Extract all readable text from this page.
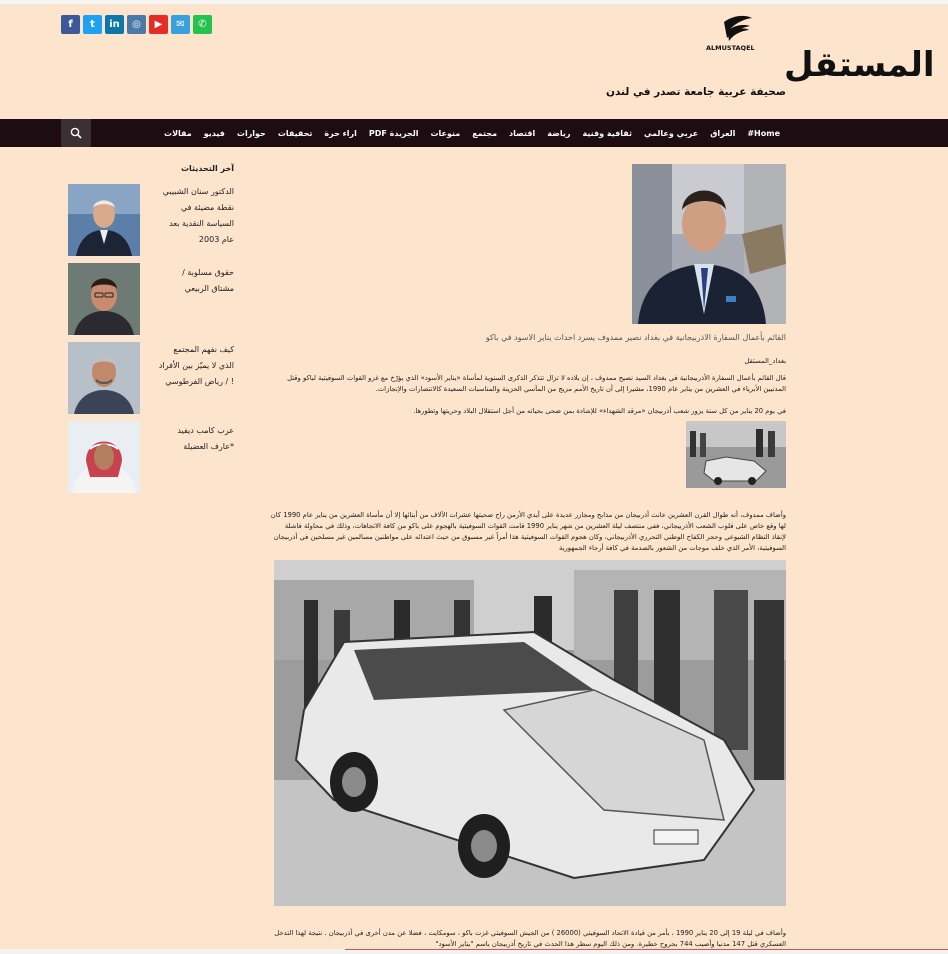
f	t	in	◎	▶	✉	✆
ALMUSTAQEL المستقل
صحيفة عربية جامعة تصدر في لندن
Home#
العراق
عربي وعالمي
ثقافية وفنية
رياضة
اقتصاد
مجتمع
منوعات
الجريدة PDF
اراء حرة
تحقيقات
حوارات
فيديو
مقالات
آخر التحديثات
الدكتور سنان الشبيبي نقطة مضيئة في السياسة النقدية بعد عام 2003
حقوق مسلوبة / مشتاق الربيعي
كيف نفهم المجتمع الذي لا يميّز بين الأفراد ! / رياض الفرطوسي
عرب كامب ديفيد *عارف العضيلة
القائم بأعمال السفارة الاذربيجانية في بغداد نصير ممدوف يسرد احداث يناير الاسود في باكو
بغداد_المستقل
قال القائم بأعمال السفارة الأذربيجانية في بغداد السيد نصيح ممدوف ، إن بلاده لا تزال تتذكر الذكرى السنوية لمأساة «يناير الأسود» الذي يؤرّخ مع غزو القوات السوفيتية لباكو وقتل المدنيين الأبرياء في العشرين من يناير عام 1990، مشيرا إلى أن تاريخ الأمم مزيج من المآسي الحزينة والمناسبات السعيدة كالانتصارات والإنجازات.
في يوم 20 يناير من كل سنة يزور شعب أذربيجان «مرقد الشهداء» للإشادة بمن ضحى بحياته من أجل استقلال البلاد وحريتها وتطورها.
وأضاف ممدوف، أنه طوال القرن العشرين عانت أذربيجان من مذابح ومجازر عديدة على أيدي الأرمن راح ضحيتها عشرات الآلاف من أبنائها إلا أن مأساة العشرين من يناير عام 1990 كان لها وقع خاص على قلوب الشعب الأذربيجاني، ففي منتصف ليلة العشرين من شهر يناير 1990 قامت القوات السوفيتية بالهجوم على باكو من كافة الاتجاهات، وذلك في محاولة فاشلة لإنقاذ النظام الشيوعي وحجر الكفاح الوطني التحرري الأذربيجاني، وكان هجوم القوات السوفيتية هذا أمراً غير مسبوق من حيث اعتدائه على مواطنين مسالمين غير مسلحين في أذربيجان السوفيتية، الأمر الذي خلف موجات من الشعور بالصدمة في كافة أرجاء الجمهورية
وأضاف في ليلة 19 إلى 20 يناير 1990 ، بأمر من قيادة الاتحاد السوفيتي (26000 ) من الجيش السوفيتي غزت باكو ، سومكايت ، فضلا عن مدن أخرى في أذربيجان . نتيجة لهذا التدخل العسكري قتل 147 مدنيا وأصيب 744 بجروح خطيرة. ومن ذلك اليوم سطر هذا الحدث في تاريخ أذربيجان باسم "يناير الأسود"
